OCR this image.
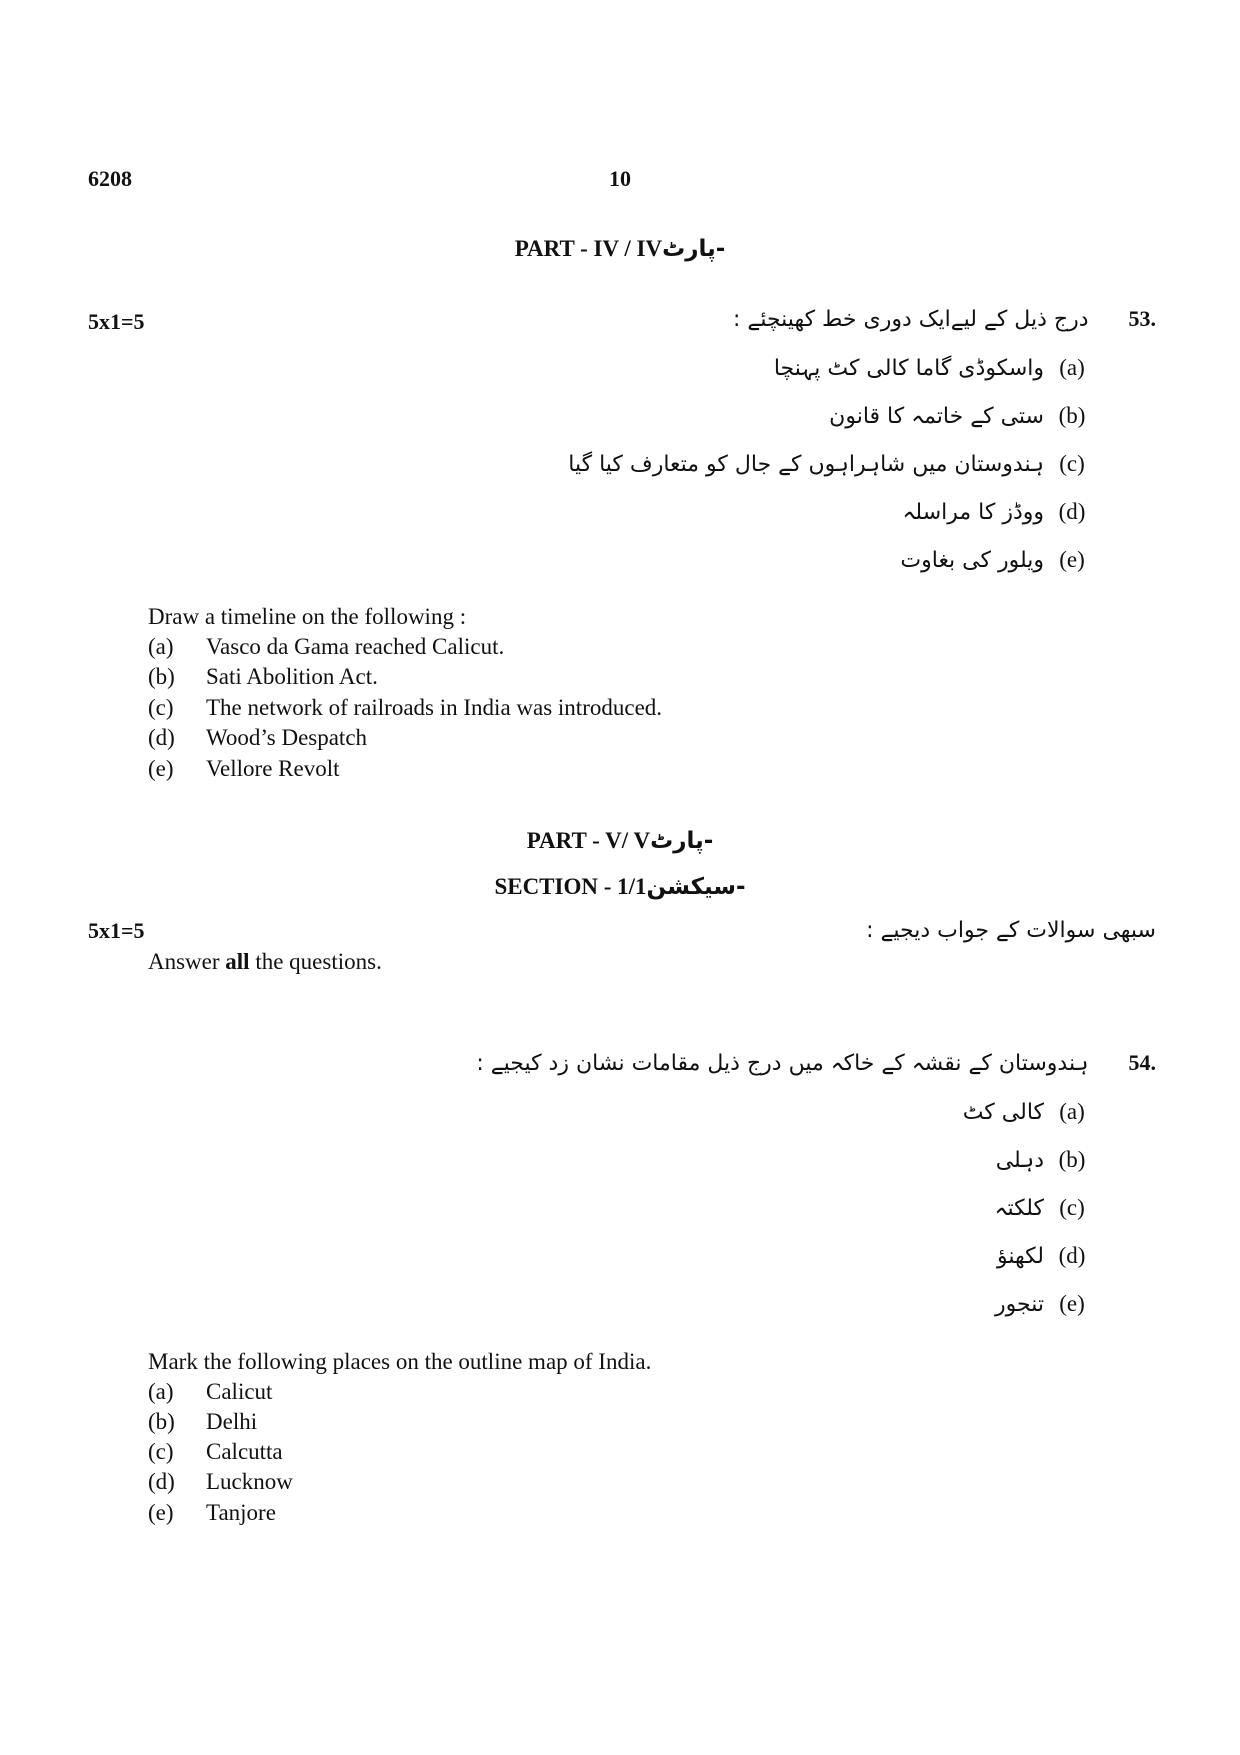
6208	10
PART - IV / IV-پارٹ
5x1=5	.53  درج ذیل کے لیےایک دوری خط کھینچئے :
(a)واسکوڈی گاما کالی کٹ پہنچا
(b)ستی کے خاتمہ کا قانون
(c)ہندوستان میں شاہراہوں کے جال کو متعارف کیا گیا
(d)ووڈز کا مراسلہ
(e)ویلور کی بغاوت
Draw a timeline on the following :
(a) Vasco da Gama reached Calicut.
(b) Sati Abolition Act.
(c) The network of railroads in India was introduced.
(d) Wood’s Despatch
(e) Vellore Revolt
PART - V/ V-پارٹ
SECTION - 1/1-سیکشن
5x1=5	سبھی سوالات کے جواب دیجیے :
Answer all the questions.
.54  ہندوستان کے نقشہ کے خاکہ میں درج ذیل مقامات نشان زد کیجیے :
(a)کالی کٹ
(b)دہلی
(c)کلکتہ
(d)لکھنؤ
(e)تنجور
Mark the following places on the outline map of India.
(a) Calicut
(b) Delhi
(c) Calcutta
(d) Lucknow
(e) Tanjore
